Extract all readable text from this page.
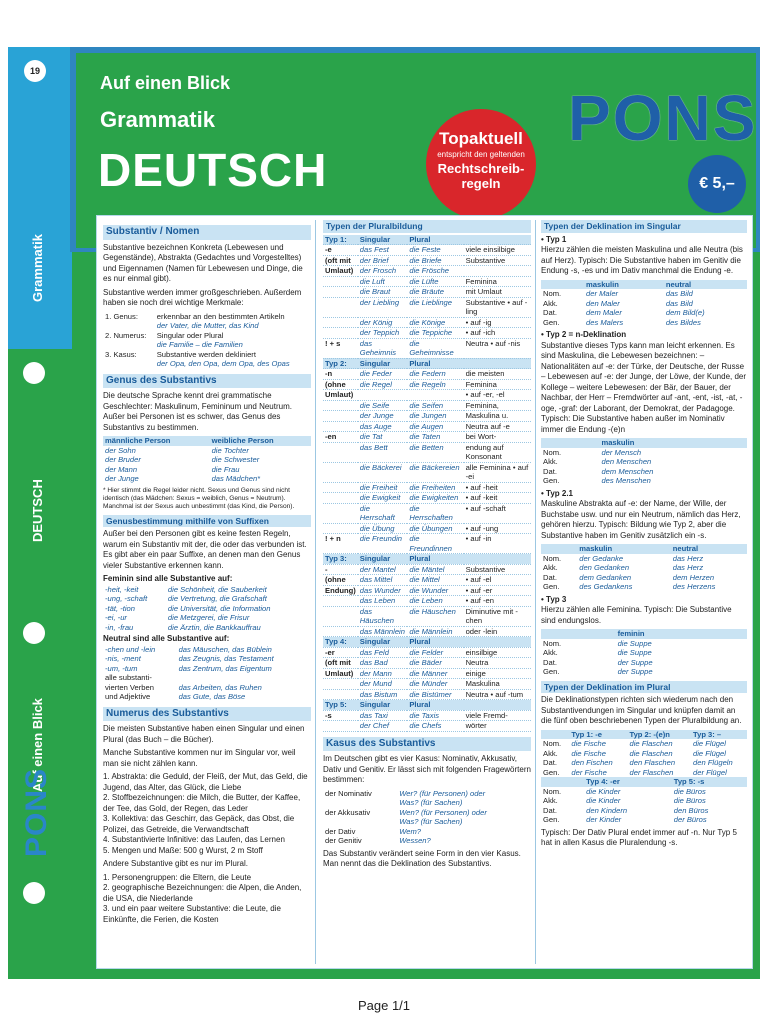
19
Grammatik
DEUTSCH
Auf einen Blick
PONS
Auf einen Blick
Grammatik
DEUTSCH
Topaktuell
entspricht den geltenden
Rechtschreib-
regeln
PONS
€ 5,–
Substantiv / Nomen

Substantive bezeichnen Konkreta (Lebewesen und Gegenstände), Abstrakta (Gedachtes und Vorgestelltes) und Eigennamen (Namen für Lebewesen und Dinge, die es nur einmal gibt).

Substantive werden immer großgeschrieben. Außerdem haben sie noch drei wichtige Merkmale:

1. Genus:	erkennbar an den bestimmten Artikeln
	der Vater, die Mutter, das Kind
2. Numerus:	Singular oder Plural
	die Familie – die Familien
3. Kasus:	Substantive werden dekliniert
	der Opa, den Opa, dem Opa, des Opas
Genus des Substantivs

Die deutsche Sprache kennt drei grammatische Geschlechter: Maskulinum, Femininum und Neutrum. Außer bei Personen ist es schwer, das Genus des Substantivs zu bestimmen.

männliche Person	weibliche Person
der Sohn	die Tochter
der Bruder	die Schwester
der Mann	die Frau
der Junge	das Mädchen*

* Hier stimmt die Regel leider nicht. Sexus und Genus sind nicht identisch (das Mädchen: Sexus = weiblich, Genus = Neutrum). Manchmal ist der Sexus auch unbestimmt (das Kind, die Person).

Genusbestimmung mithilfe von Suffixen

Außer bei den Personen gibt es keine festen Regeln, warum ein Substantiv mit der, die oder das verbunden ist. Es gibt aber ein paar Suffixe, an denen man den Genus vieler Substantive erkennen kann.

Feminin sind alle Substantive auf:

-heit, -keit	die Schönheit, die Sauberkeit
-ung, -schaft	die Vertretung, die Grafschaft
-tät, -tion	die Universität, die Information
-ei, -ur	die Metzgerei, die Frisur
-in, -frau	die Ärztin, die Bankkauffrau

Neutral sind alle Substantive auf:

-chen und -lein	das Mäuschen, das Büblein
-nis, -ment	das Zeugnis, das Testament
-um, -tum	das Zentrum, das Eigentum
alle substanti-	
vierten Verben	das Arbeiten, das Ruhen
und Adjektive	das Gute, das Böse
Numerus des Substantivs

Die meisten Substantive haben einen Singular und einen Plural (das Buch – die Bücher).

Manche Substantive kommen nur im Singular vor, weil man sie nicht zählen kann.

1. Abstrakta: die Geduld, der Fleiß, der Mut, das Geld, die Jugend, das Alter, das Glück, die Liebe

2. Stoffbezeichnungen: die Milch, die Butter, der Kaffee, der Tee, das Gold, der Regen, das Leder

3. Kollektiva: das Geschirr, das Gepäck, das Obst, die Polizei, das Getreide, die Verwandtschaft

4. Substantivierte Infinitive: das Laufen, das Lernen

5. Mengen und Maße: 500 g Wurst, 2 m Stoff

Andere Substantive gibt es nur im Plural.

1. Personengruppen: die Eltern, die Leute

2. geographische Bezeichnungen: die Alpen, die Anden, die USA, die Niederlande

3. und ein paar weitere Substantive: die Leute, die Einkünfte, die Ferien, die Kosten

Typen der Pluralbildung
Typ 1:	Singular	Plural	
-e	das Fest	die Feste	viele einsilbige
(oft mit	der Brief	die Briefe	Substantive
Umlaut)	der Frosch	die Frösche	
	die Luft	die Lüfte	Feminina
	die Braut	die Bräute	mit Umlaut
	der Liebling	die Lieblinge	Substantive • auf -ling
	der König	die Könige	• auf -ig
	der Teppich	die Teppiche	• auf -ich
! + s	das Geheimnis	die Geheimnisse	Neutra • auf -nis
Typ 2:	Singular	Plural	
-n	die Feder	die Federn	die meisten
(ohne	die Regel	die Regeln	Feminina
Umlaut)			• auf -er, -el
	die Seife	die Seifen	Feminina,
	der Junge	die Jungen	Maskulina u.
	das Auge	die Augen	Neutra auf -e
-en	die Tat	die Taten	bei Wort-
	das Bett	die Betten	endung auf Konsonant
	die Bäckerei	die Bäckereien	alle Feminina • auf -ei
	die Freiheit	die Freiheiten	• auf -heit
	die Ewigkeit	die Ewigkeiten	• auf -keit
	die Herrschaft	die Herrschaften	• auf -schaft
	die Übung	die Übungen	• auf -ung
! + n	die Freundin	die Freundinnen	• auf -in
Typ 3:	Singular	Plural	
-	der Mantel	die Mäntel	Substantive
(ohne	das Mittel	die Mittel	• auf -el
Endung)	das Wunder	die Wunder	• auf -er
	das Leben	die Leben	• auf -en
	das Häuschen	die Häuschen	Diminutive mit -chen
	das Männlein	die Männlein	oder -lein
Typ 4:	Singular	Plural	
-er	das Feld	die Felder	einsilbige
(oft mit	das Bad	die Bäder	Neutra
Umlaut)	der Mann	die Männer	einige
	der Mund	die Münder	Maskulina
	das Bistum	die Bistümer	Neutra • auf -tum
Typ 5:	Singular	Plural	
-s	das Taxi	die Taxis	viele Fremd-
	der Chef	die Chefs	wörter
Kasus des Substantivs

Im Deutschen gibt es vier Kasus: Nominativ, Akkusativ, Dativ und Genitiv. Er lässt sich mit folgenden Fragewörtern bestimmen:

der Nominativ	Wer? (für Personen) oder
	Was? (für Sachen)
der Akkusativ	Wen? (für Personen) oder
	Was? (für Sachen)
der Dativ	Wem?
der Genitiv	Wessen?

Das Substantiv verändert seine Form in den vier Kasus. Man nennt das die Deklination des Substantivs.

Typen der Deklination im Singular

• Typ 1

Hierzu zählen die meisten Maskulina und alle Neutra (bis auf Herz). Typisch: Die Substantive haben im Genitiv die Endung -s, -es und im Dativ manchmal die Endung -e.

	maskulin	neutral
Nom.	der Maler	das Bild
Akk.	den Maler	das Bild
Dat.	dem Maler	dem Bild(e)
Gen.	des Malers	des Bildes

• Typ 2 = n-Deklination

Substantive dieses Typs kann man leicht erkennen. Es sind Maskulina, die Lebewesen bezeichnen: – Nationalitäten auf -e: der Türke, der Deutsche, der Russe – Lebewesen auf -e: der Junge, der Löwe, der Kunde, der Kollege – weitere Lebewesen: der Bär, der Bauer, der Nachbar, der Herr – Fremdwörter auf -ant, -ent, -ist, -at, -oge, -graf: der Laborant, der Demokrat, der Padagoge. Typisch: Die Substantive haben außer im Nominativ immer die Endung -(e)n

	maskulin
Nom.	der Mensch
Akk.	den Menschen
Dat.	dem Menschen
Gen.	des Menschen

• Typ 2.1

Maskuline Abstrakta auf -e: der Name, der Wille, der Buchstabe usw. und nur ein Neutrum, nämlich das Herz, gehören hierzu. Typisch: Bildung wie Typ 2, aber die Substantive haben im Genitiv zusätzlich ein -s.

	maskulin	neutral
Nom.	der Gedanke	das Herz
Akk.	den Gedanken	das Herz
Dat.	dem Gedanken	dem Herzen
Gen.	des Gedankens	des Herzens

• Typ 3

Hierzu zählen alle Feminina. Typisch: Die Substantive sind endungslos.

	feminin
Nom.	die Suppe
Akk.	die Suppe
Dat.	der Suppe
Gen.	der Suppe
Typen der Deklination im Plural

Die Deklinationstypen richten sich wiederum nach den Substantivendungen im Singular und knüpfen damit an die fünf oben beschriebenen Typen der Pluralbildung an.

	Typ 1: -e	Typ 2: -(e)n	Typ 3: –
Nom.	die Fische	die Flaschen	die Flügel
Akk.	die Fische	die Flaschen	die Flügel
Dat.	den Fischen	den Flaschen	den Flügeln
Gen.	der Fische	der Flaschen	der Flügel
	Typ 4: -er	Typ 5: -s
Nom.	die Kinder	die Büros
Akk.	die Kinder	die Büros
Dat.	den Kindern	den Büros
Gen.	der Kinder	der Büros

Typisch: Der Dativ Plural endet immer auf -n. Nur Typ 5 hat in allen Kasus die Pluralendung -s.

Page 1/1
